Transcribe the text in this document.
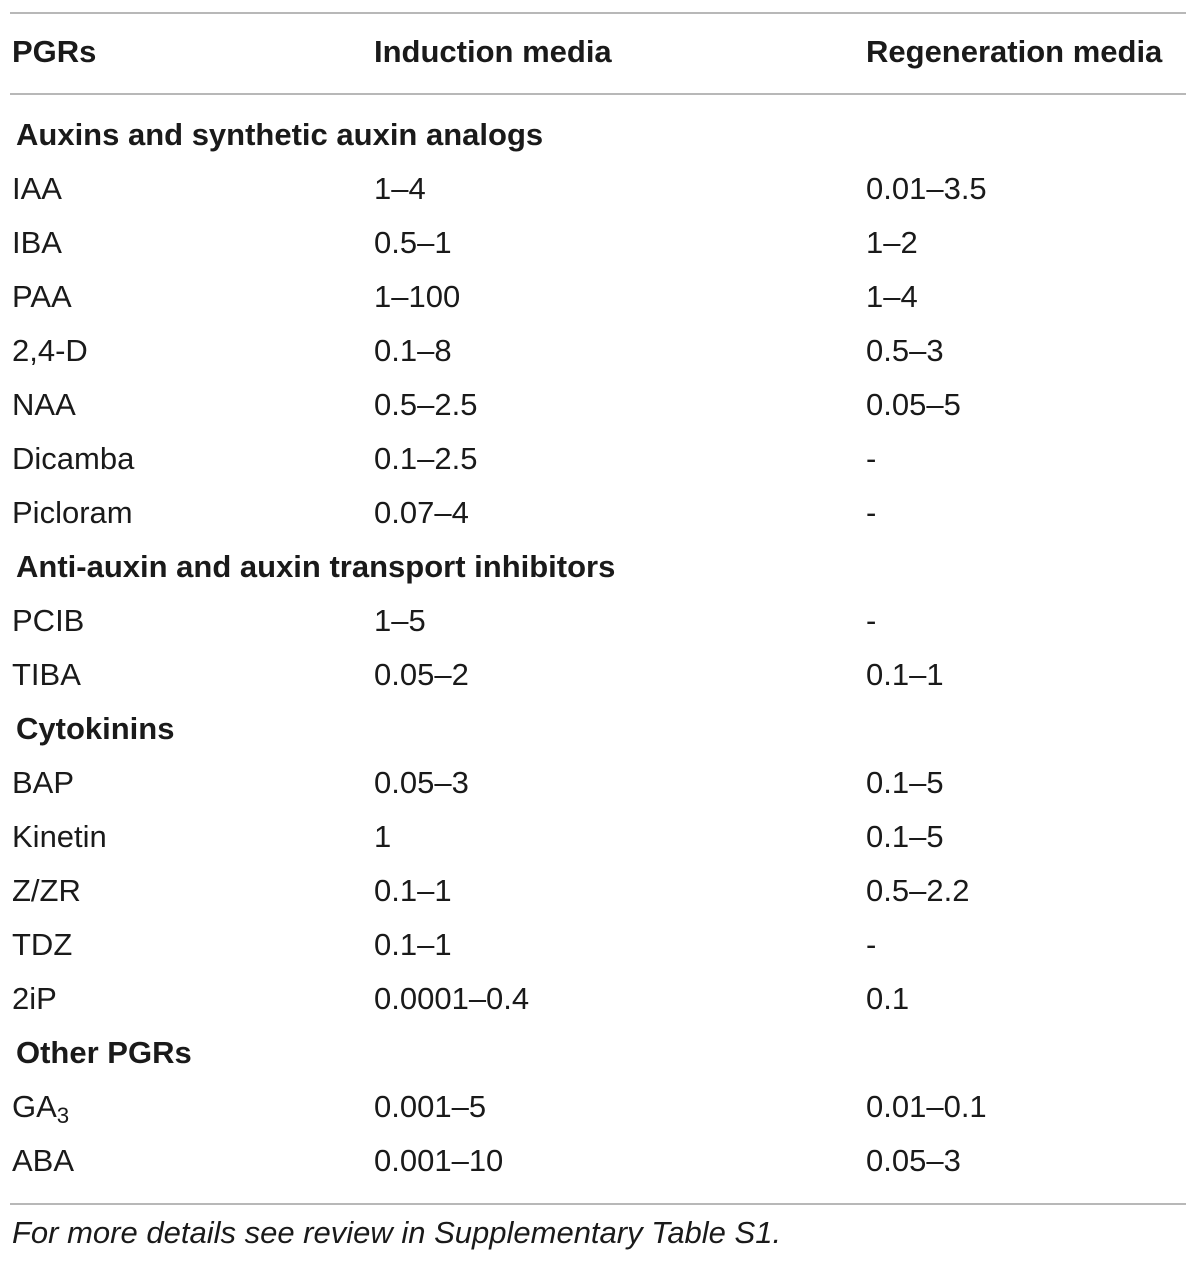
PGRs	Induction media	Regeneration media
Auxins and synthetic auxin analogs
IAA	1–4	0.01–3.5
IBA	0.5–1	1–2
PAA	1–100	1–4
2,4-D	0.1–8	0.5–3
NAA	0.5–2.5	0.05–5
Dicamba	0.1–2.5	-
Picloram	0.07–4	-
Anti-auxin and auxin transport inhibitors
PCIB	1–5	-
TIBA	0.05–2	0.1–1
Cytokinins
BAP	0.05–3	0.1–5
Kinetin	1	0.1–5
Z/ZR	0.1–1	0.5–2.2
TDZ	0.1–1	-
2iP	0.0001–0.4	0.1
Other PGRs
$GA_3$	0.001–5	0.01–0.1
ABA	0.001–10	0.05–3
For more details see review in Supplementary Table S1.
